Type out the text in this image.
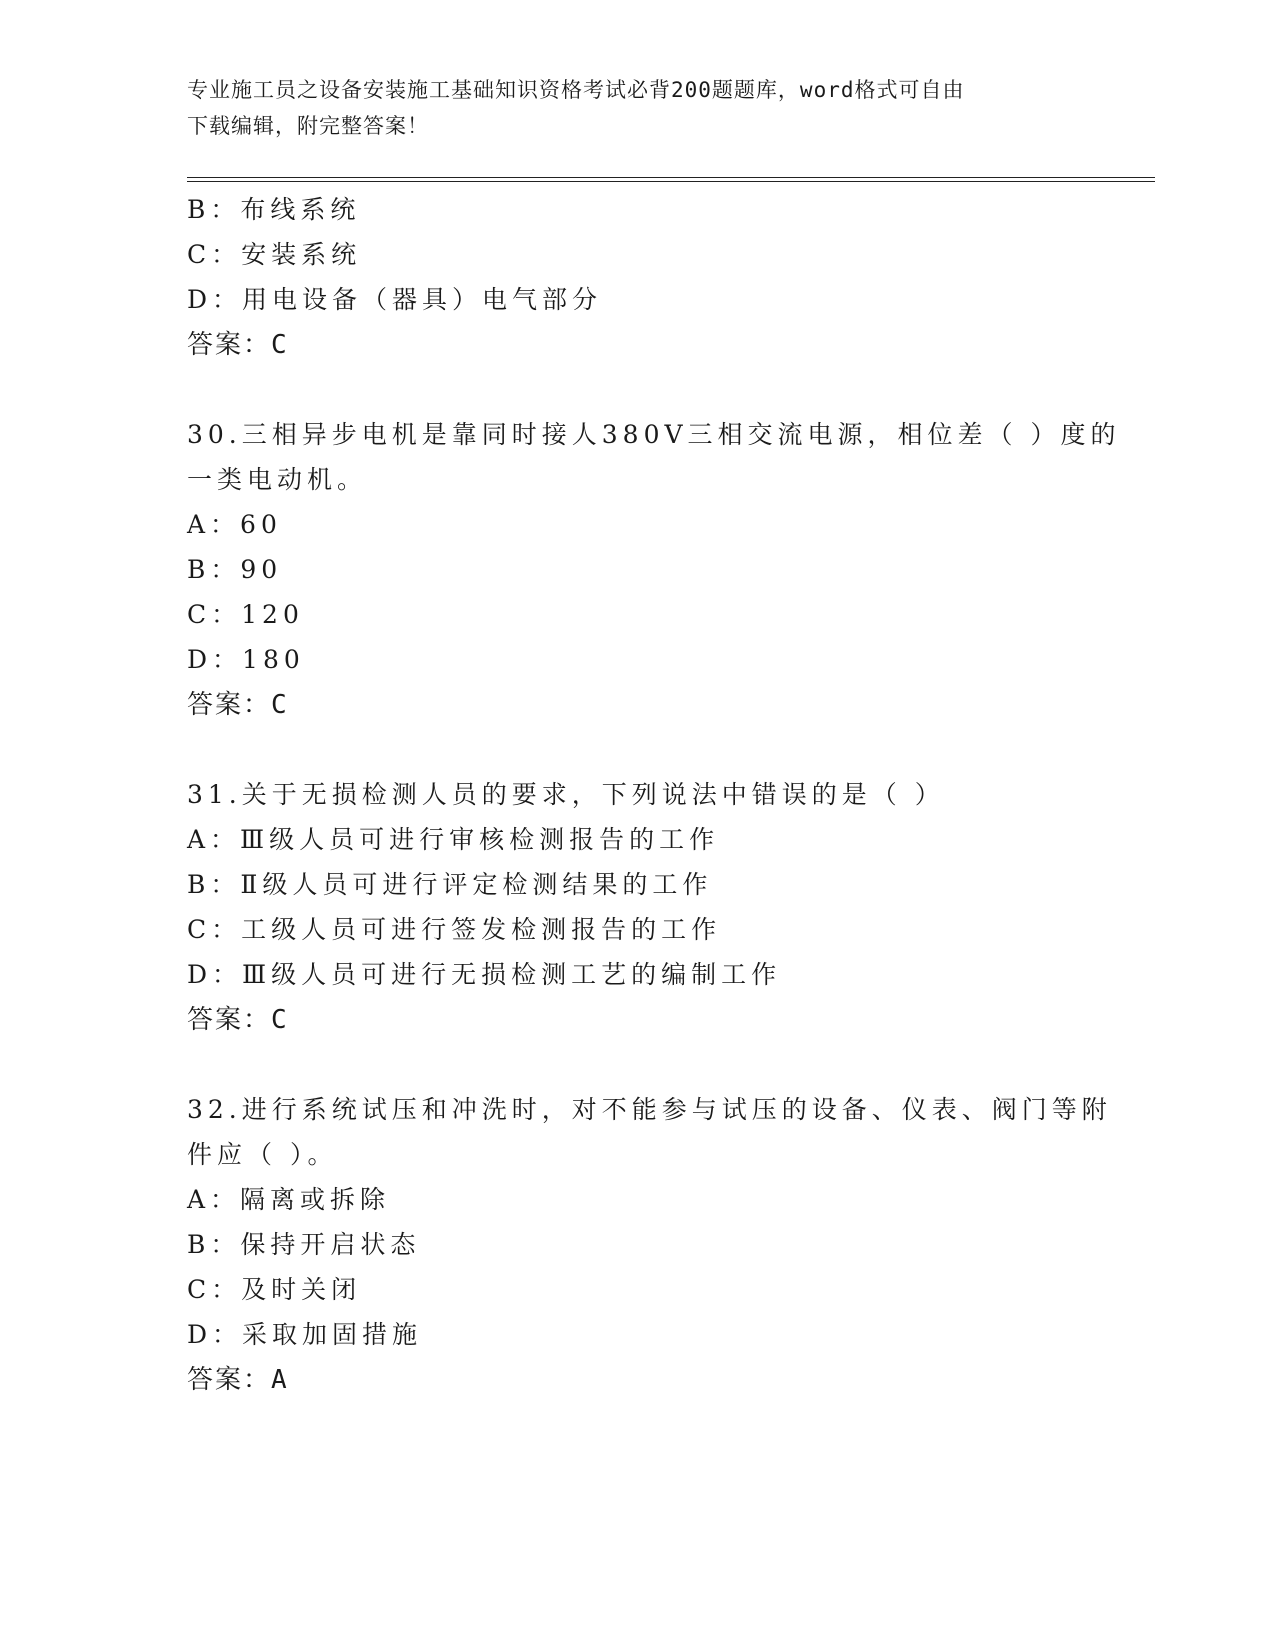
专业施工员之设备安装施工基础知识资格考试必背200题题库，word格式可自由
下载编辑，附完整答案！
B：布线系统
C：安装系统
D：用电设备（器具）电气部分
答案：C
30.三相异步电机是靠同时接人380V三相交流电源，相位差（ ）度的
一类电动机。
A：60
B：90
C：120
D：180
答案：C
31.关于无损检测人员的要求，下列说法中错误的是（ ）
A：Ⅲ级人员可进行审核检测报告的工作
B：Ⅱ级人员可进行评定检测结果的工作
C：工级人员可进行签发检测报告的工作
D：Ⅲ级人员可进行无损检测工艺的编制工作
答案：C
32.进行系统试压和冲洗时，对不能参与试压的设备、仪表、阀门等附
件应（ ）。
A：隔离或拆除
B：保持开启状态
C：及时关闭
D：采取加固措施
答案：A
